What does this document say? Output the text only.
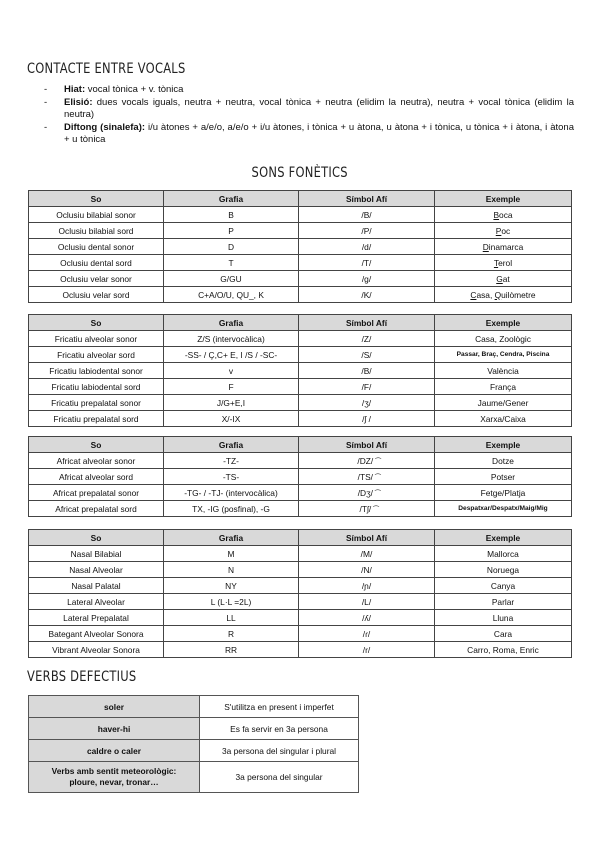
CONTACTE ENTRE VOCALS
- Hiat: vocal tònica + v. tònica
- Elisió: dues vocals iguals, neutra + neutra, vocal tònica + neutra (elidim la neutra), neutra + vocal tònica (elidim la neutra)
- Diftong (sinalefa): i/u àtones + a/e/o, a/e/o + i/u àtones, i tònica + u àtona, u àtona + i tònica, u tònica + i àtona, i àtona + u tònica
SONS FONÈTICS
So	Grafia	Símbol Afí	Exemple
Oclusiu bilabial sonor	B	/B/	Boca
Oclusiu bilabial sord	P	/P/	Poc
Oclusiu dental sonor	D	/d/	Dinamarca
Oclusiu dental sord	T	/T/	Terol
Oclusiu velar sonor	G/GU	/g/	Gat
Oclusiu velar sord	C+A/O/U, QU_, K	/K/	Casa, Quilòmetre
So	Grafia	Símbol Afí	Exemple
Fricatiu alveolar sonor	Z/S (intervocàlica)	/Z/	Casa, Zoològic
Fricatiu alveolar sord	-SS- / Ç,C+ E, I /S / -SC-	/S/	Passar, Braç, Cendra, Piscina
Fricatiu labiodental sonor	v	/B/	València
Fricatiu labiodental sord	F	/F/	França
Fricatiu prepalatal sonor	J/G+E,I	/ʒ/	Jaume/Gener
Fricatiu prepalatal sord	X/-IX	/ʃ /	Xarxa/Caixa
So	Grafia	Símbol Afí	Exemple
Africat alveolar sonor	-TZ-	/DZ/ ͡	Dotze
Africat alveolar sord	-TS-	/TS/ ͡	Potser
Africat prepalatal sonor	-TG- / -TJ- (intervocàlica)	/Dʒ/ ͡	Fetge/Platja
Africat prepalatal sord	TX, -IG (posfinal), -G	/Tʃ/ ͡	Despatxar/Despatx/Maig/Mig
So	Grafia	Símbol Afí	Exemple
Nasal Bilabial	M	/M/	Mallorca
Nasal Alveolar	N	/N/	Noruega
Nasal Palatal	NY	/ɲ/	Canya
Lateral Alveolar	L (L·L =2L)	/L/	Parlar
Lateral Prepalatal	LL	/ʎ/	Lluna
Bategant Alveolar Sonora	R	/ɾ/	Cara
Vibrant Alveolar Sonora	RR	/r/	Carro, Roma, Enric
VERBS DEFECTIUS
soler	S'utilitza en present i imperfet
haver-hi	Es fa servir en 3a persona
caldre o caler	3a persona del singular i plural

Verbs amb sentit meteorològic:
ploure, nevar, tronar…	3a persona del singular
